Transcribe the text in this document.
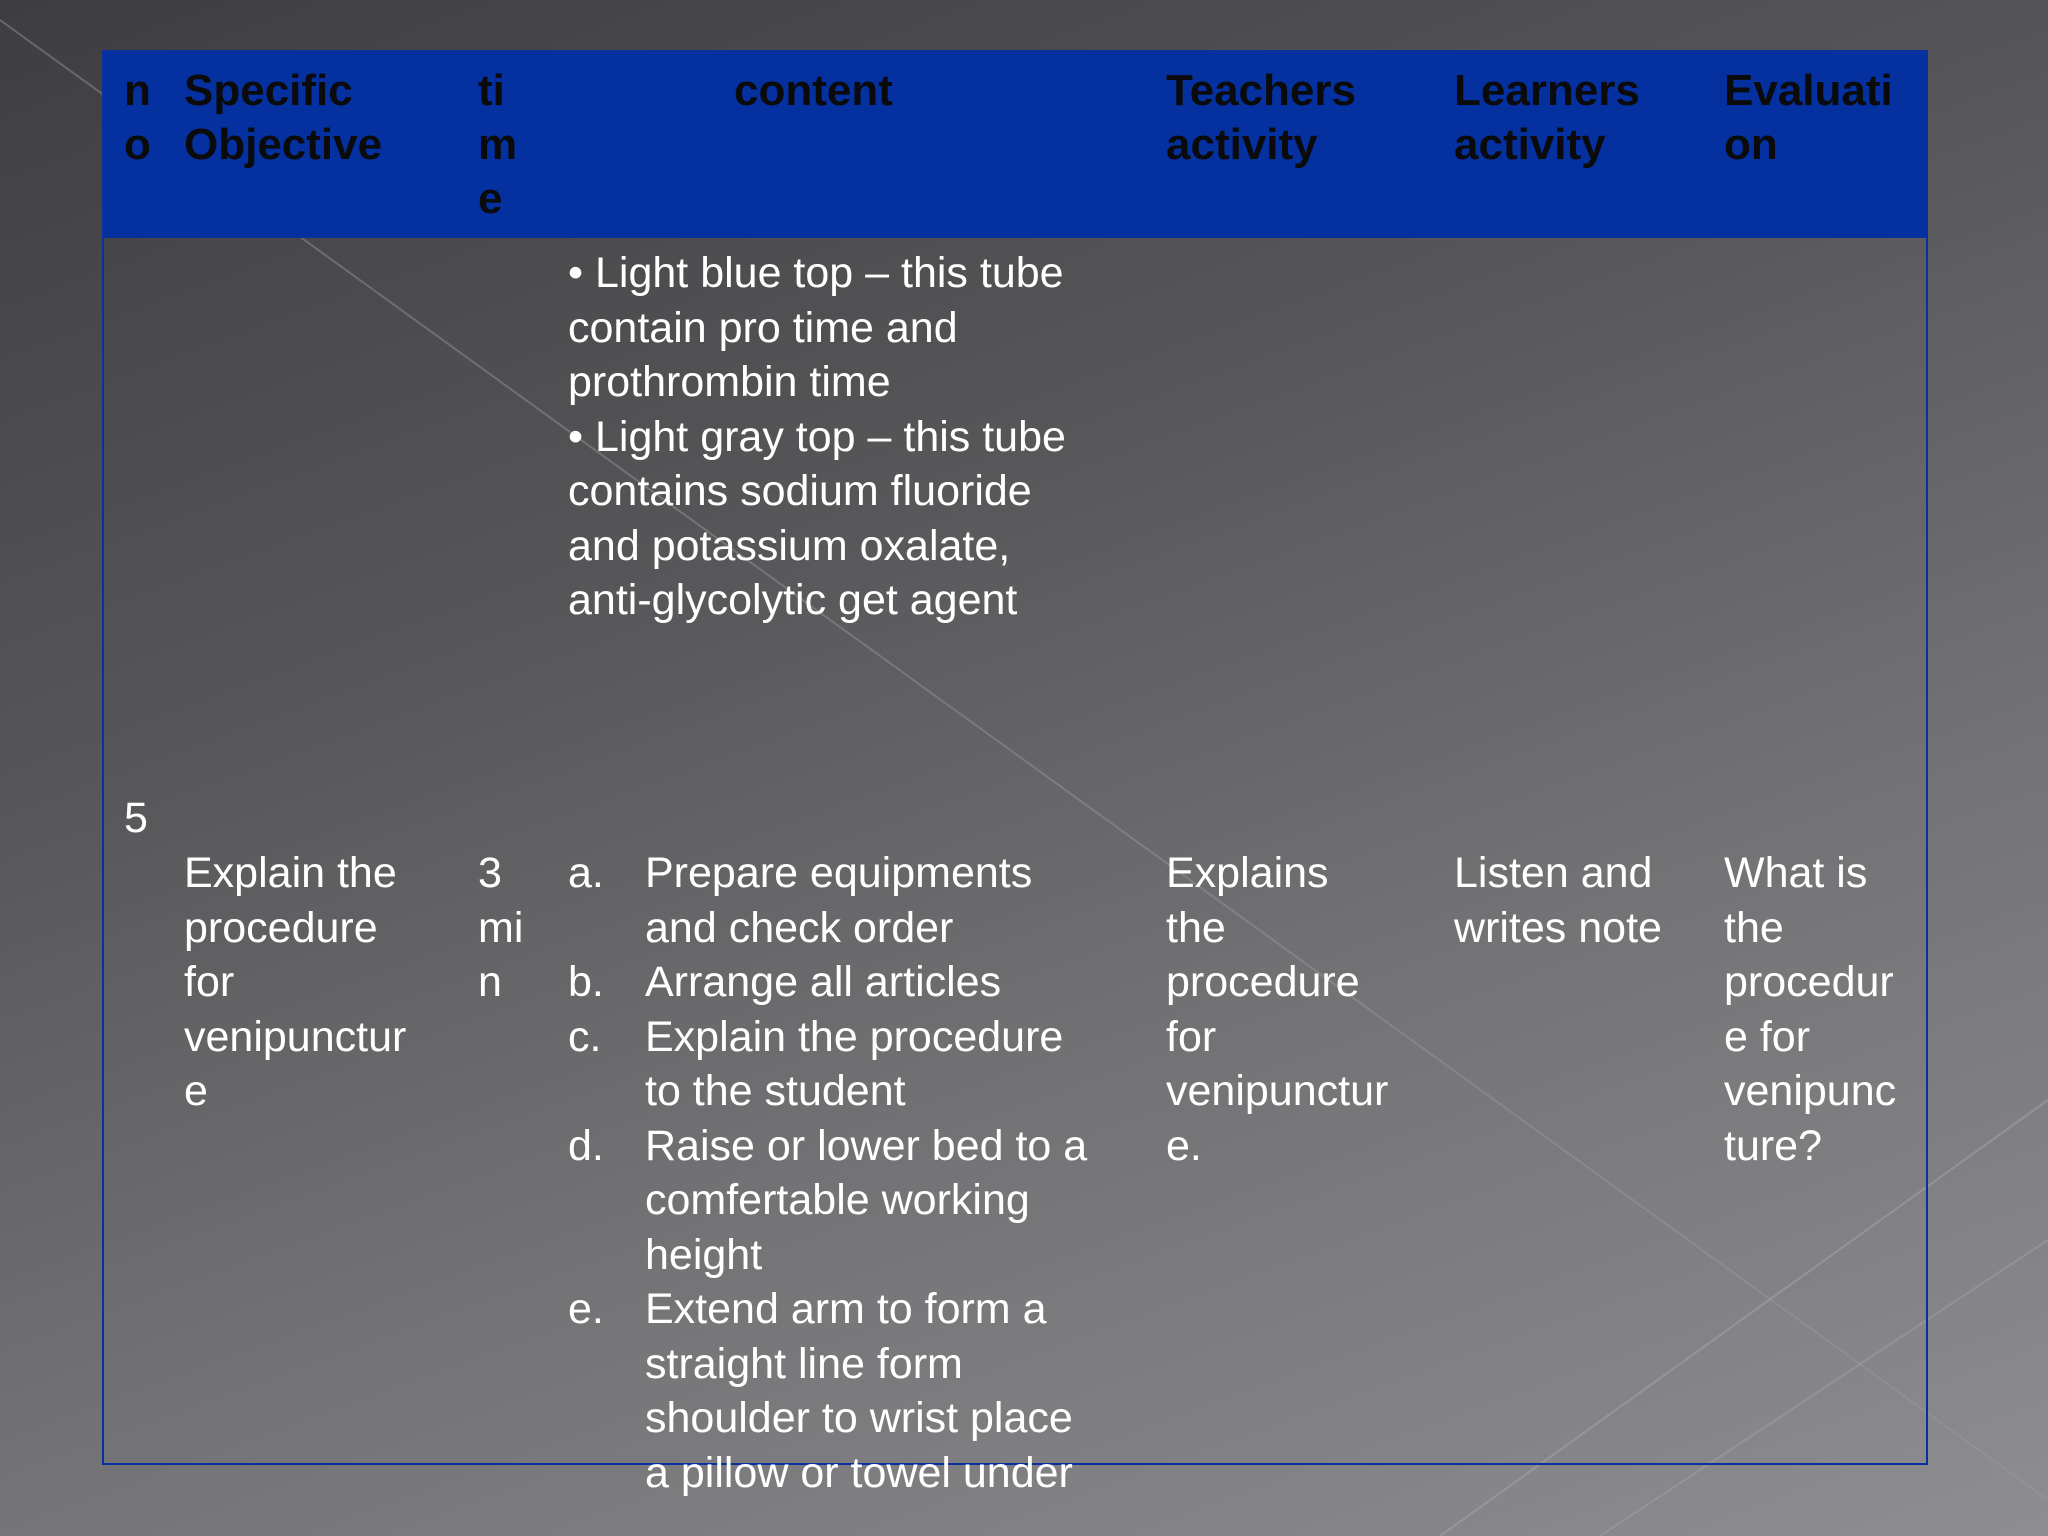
n
o
Specific
Objective
ti
m
e
content	Teachers
activity
Learners
activity
Evaluati
on
• Light blue top – this tube
contain pro time and
prothrombin time
• Light gray top – this tube
contains sodium fluoride
and potassium oxalate,
anti-glycolytic get agent
5
Explain the
procedure
for
venipunctur
e
3
mi
n
a. Prepare equipments
and check order
b. Arrange all articles
c. Explain the procedure
to the student
d. Raise or lower bed to a
comfertable working
height
e. Extend arm to form a
straight line form
shoulder to wrist place
a pillow or towel under
Explains
the
procedure
for
venipunctur
e.
Listen and
writes note
What is
the
procedur
e for
venipunc
ture?
